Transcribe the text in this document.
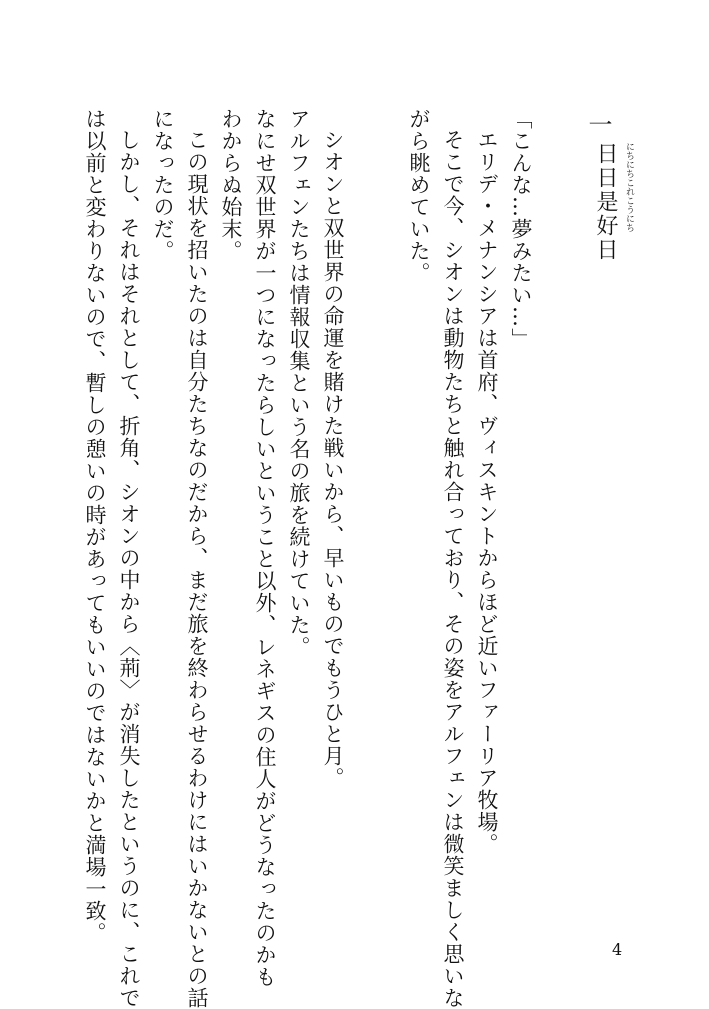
一

日日是好日 にちにちこれこうにち

「こんな…夢みたい…」

エリデ・メナンシアは首府、ヴィスキントからほど近いファーリア牧場。

そこで今、シオンは動物たちと触れ合っており、その姿をアルフェンは微笑ましく思いな

がら眺めていた。

シオンと双世界の命運を賭けた戦いから、早いものでもうひと月。

アルフェンたちは情報収集という名の旅を続けていた。

なにせ双世界が一つになったらしいということ以外、レネギスの住人がどうなったのかも

わからぬ始末。

この現状を招いたのは自分たちなのだから、まだ旅を終わらせるわけにはいかないとの話

になったのだ。

しかし、それはそれとして、折角、シオンの中から〈荊〉が消失したというのに、これで

は以前と変わりないので、暫しの憩いの時があってもいいのではないかと満場一致。

4
